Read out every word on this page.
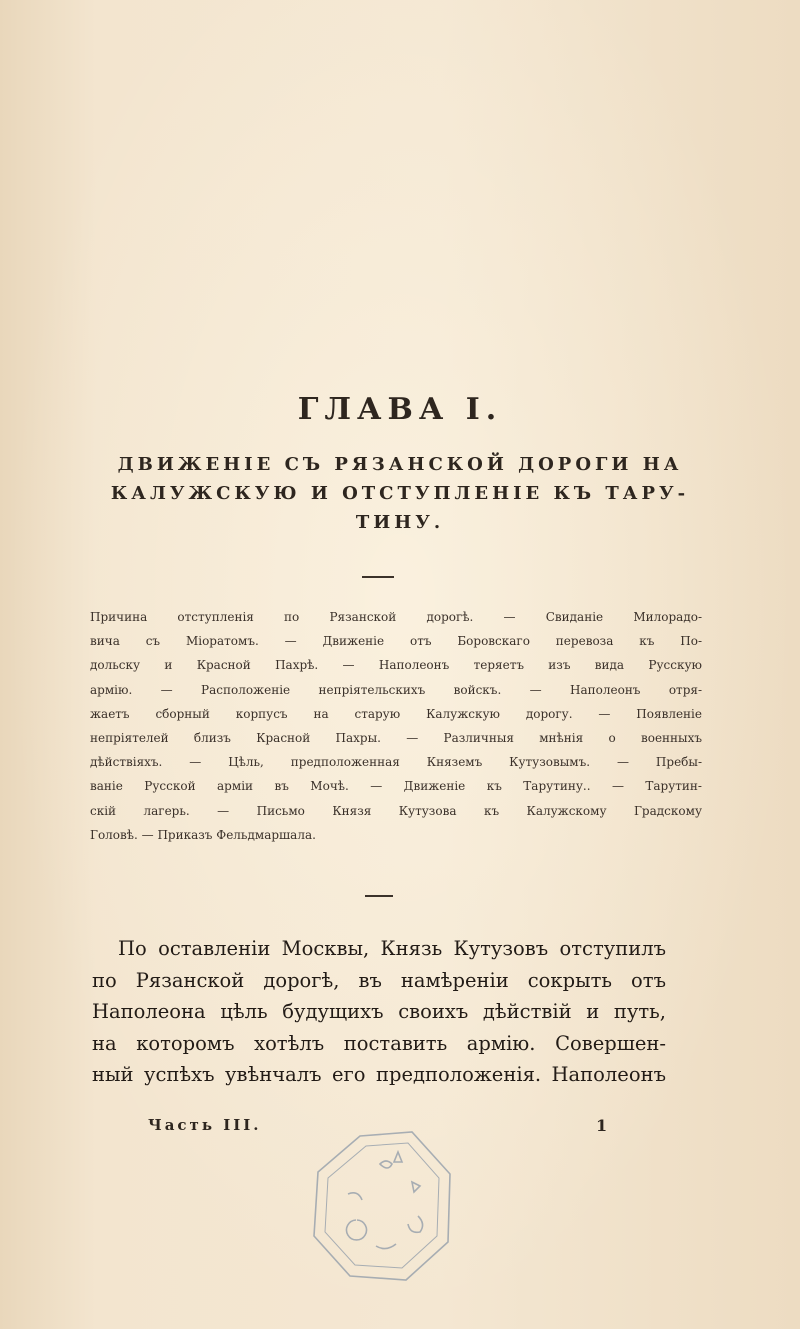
ГЛАВА I.
ДВИЖЕНІЕ СЪ РЯЗАНСКОЙ ДОРОГИ НА
КАЛУЖСКУЮ И ОТСТУПЛЕНІЕ КЪ ТАРУ-
ТИНУ.
Причина отступленія по Рязанской дорогѣ. — Свиданіе Милорадо-
вича съ Міоратомъ. — Движеніе отъ Боровскаго перевоза къ По-
дольску и Красной Пахрѣ. — Наполеонъ теряетъ изъ вида Русскую
армію. — Расположеніе непріятельскихъ войскъ. — Наполеонъ отря-
жаетъ сборный корпусъ на старую Калужскую дорогу. — Появленіе
непріятелей близъ Красной Пахры. — Различныя мнѣнія о военныхъ
дѣйствіяхъ. — Цѣль, предположенная Княземъ Кутузовымъ. — Пребы-
ваніе Русской арміи въ Мочѣ. — Движеніе къ Тарутину.. — Тарутин-
скій лагерь. — Письмо Князя Кутузова къ Калужскому Градскому
Головѣ. — Приказъ Фельдмаршала.
По оставленіи Москвы, Князь Кутузовъ отступилъ
по Рязанской дорогѣ, въ намѣреніи сокрыть отъ
Наполеона цѣль будущихъ своихъ дѣйствій и путь,
на которомъ хотѣлъ поставить армію. Совершен-
ный успѣхъ увѣнчалъ его предположенія. Наполеонъ
Часть III.	1
